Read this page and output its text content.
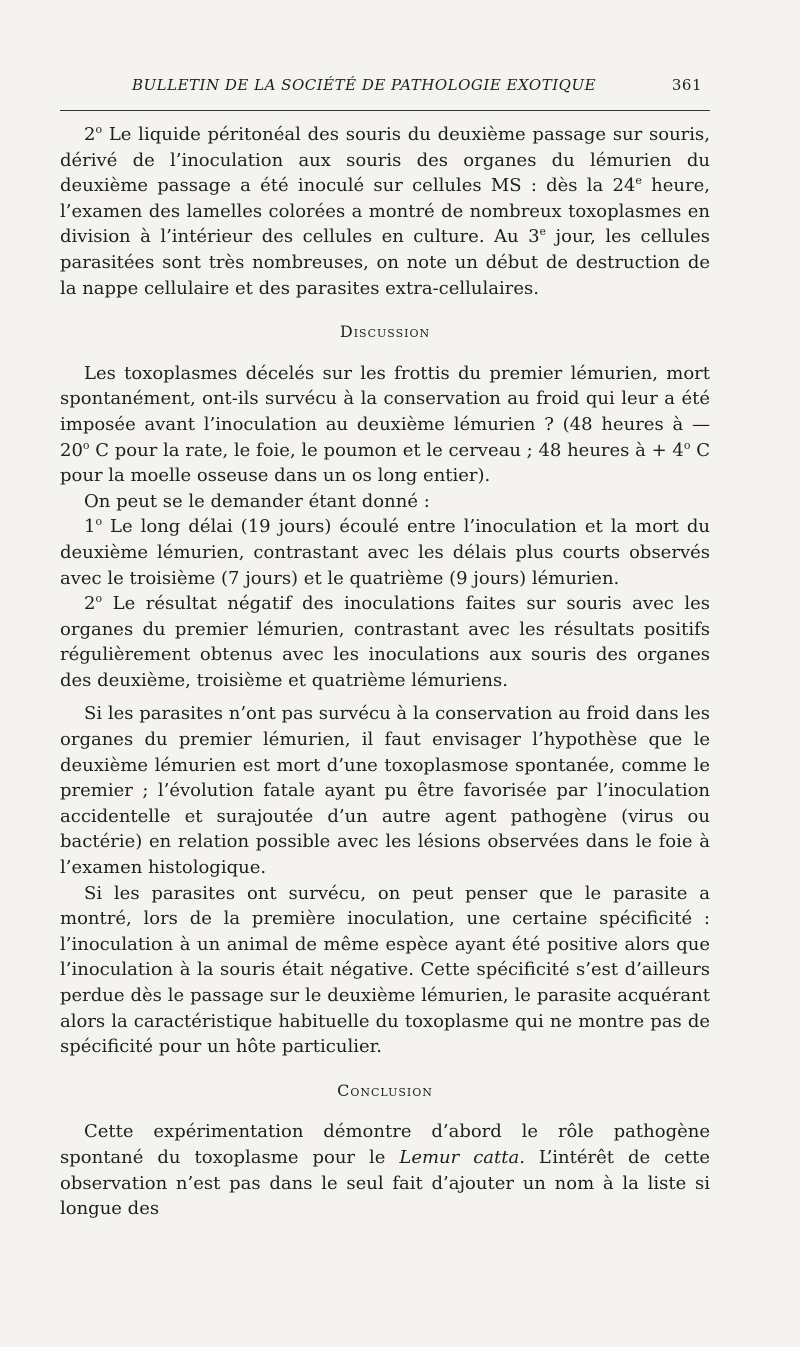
BULLETIN DE LA SOCIÉTÉ DE PATHOLOGIE EXOTIQUE	361

2$^o$ Le liquide péritonéal des souris du deuxième passage sur souris, dérivé de l’inoculation aux souris des organes du lémurien du deuxième passage a été inoculé sur cellules MS : dès la 24e heure, l’examen des lamelles colorées a montré de nombreux toxoplasmes en division à l’intérieur des cellules en culture. Au 3e jour, les cellules parasitées sont très nombreuses, on note un début de destruction de la nappe cellulaire et des parasites extra-cellulaires.

Discussion

Les toxoplasmes décelés sur les frottis du premier lémurien, mort spontanément, ont-ils survécu à la conservation au froid qui leur a été imposée avant l’inoculation au deuxième lémurien ? (48 heures à — 20$^o$ C pour la rate, le foie, le poumon et le cerveau ; 48 heures à + $4^o$ C pour la moelle osseuse dans un os long entier).

On peut se le demander étant donné :

1$^o$ Le long délai (19 jours) écoulé entre l’inoculation et la mort du deuxième lémurien, contrastant avec les délais plus courts observés avec le troisième (7 jours) et le quatrième (9 jours) lémurien.

2$^o$ Le résultat négatif des inoculations faites sur souris avec les organes du premier lémurien, contrastant avec les résultats positifs régulièrement obtenus avec les inoculations aux souris des organes des deuxième, troisième et quatrième lémuriens.

Si les parasites n’ont pas survécu à la conservation au froid dans les organes du premier lémurien, il faut envisager l’hypothèse que le deuxième lémurien est mort d’une toxoplasmose spontanée, comme le premier ; l’évolution fatale ayant pu être favorisée par l’inoculation accidentelle et surajoutée d’un autre agent pathogène (virus ou bactérie) en relation possible avec les lésions observées dans le foie à l’examen histologique.

Si les parasites ont survécu, on peut penser que le parasite a montré, lors de la première inoculation, une certaine spécificité : l’inoculation à un animal de même espèce ayant été positive alors que l’inoculation à la souris était négative. Cette spécificité s’est d’ailleurs perdue dès le passage sur le deuxième lémurien, le parasite acquérant alors la caractéristique habituelle du toxoplasme qui ne montre pas de spécificité pour un hôte particulier.

Conclusion

Cette expérimentation démontre d’abord le rôle pathogène spontané du toxoplasme pour le Lemur catta. L’intérêt de cette observation n’est pas dans le seul fait d’ajouter un nom à la liste si longue des
